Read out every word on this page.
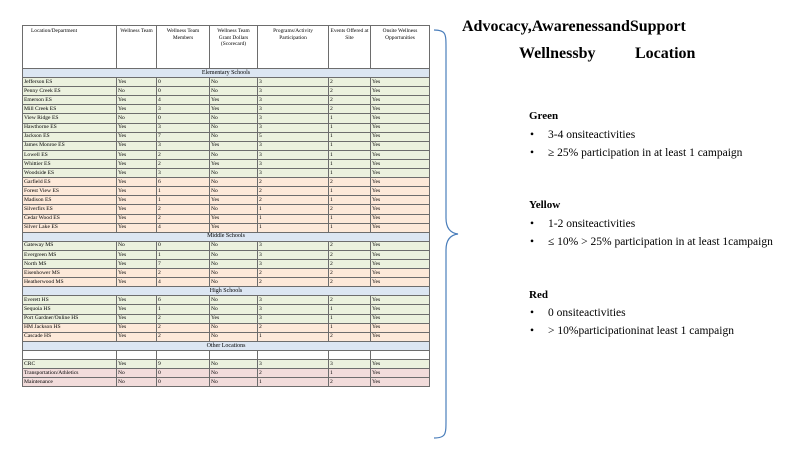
Location/Department	Wellness Team	Wellness Team Members	Wellness Team Grant Dollars (Scorecard)	Programs/Activity Participation	Events Offered at Site	Onsite Wellness Opportunities
Elementary Schools						
Jefferson ES	Yes	0	No	3	2	Yes
Penny Creek ES	No	0	No	3	2	Yes
Emerson ES	Yes	4	Yes	3	2	Yes
Mill Creek ES	Yes	3	Yes	3	2	Yes
View Ridge ES	No	0	No	3	1	Yes
Hawthorne ES	Yes	3	No	3	1	Yes
Jackson ES	Yes	7	No	5	1	Yes
James Monroe ES	Yes	3	Yes	3	1	Yes
Lowell ES	Yes	2	No	3	1	Yes
Whittier ES	Yes	2	Yes	3	1	Yes
Woodside ES	Yes	3	No	3	1	Yes
Garfield ES	Yes	6	No	2	2	Yes
Forest View ES	Yes	1	No	2	1	Yes
Madison ES	Yes	1	Yes	2	1	Yes
Silverfirs ES	Yes	2	No	1	2	Yes
Cedar Wood ES	Yes	2	Yes	1	1	Yes
Silver Lake ES	Yes	4	Yes	1	1	Yes
Middle Schools						
Gateway MS	No	0	No	3	2	Yes
Evergreen MS	Yes	1	No	3	2	Yes
North MS	Yes	7	No	3	2	Yes
Eisenhower MS	Yes	2	No	2	2	Yes
Heatherwood MS	Yes	4	No	2	2	Yes
High Schools						
Everett HS	Yes	6	No	3	2	Yes
Sequoia HS	Yes	1	No	3	1	Yes
Port Gardner/Online HS	Yes	2	Yes	3	1	Yes
HM Jackson HS	Yes	2	No	2	1	Yes
Cascade HS	Yes	2	No	1	2	Yes
Other Locations						

CRC	Yes	9	No	3	3	Yes
Transportation/Athletics	No	0	No	2	1	Yes
Maintenance	No	0	No	1	2	Yes
Advocacy,AwarenessandSupport
Wellnessby Location
Green
• 3-4 onsiteactivities
• ≥ 25% participation in at least 1 campaign
Yellow
• 1-2 onsiteactivities
• ≤ 10% > 25% participation in at least 1campaign
Red
• 0 onsiteactivities
• > 10%participationinat least 1 campaign
